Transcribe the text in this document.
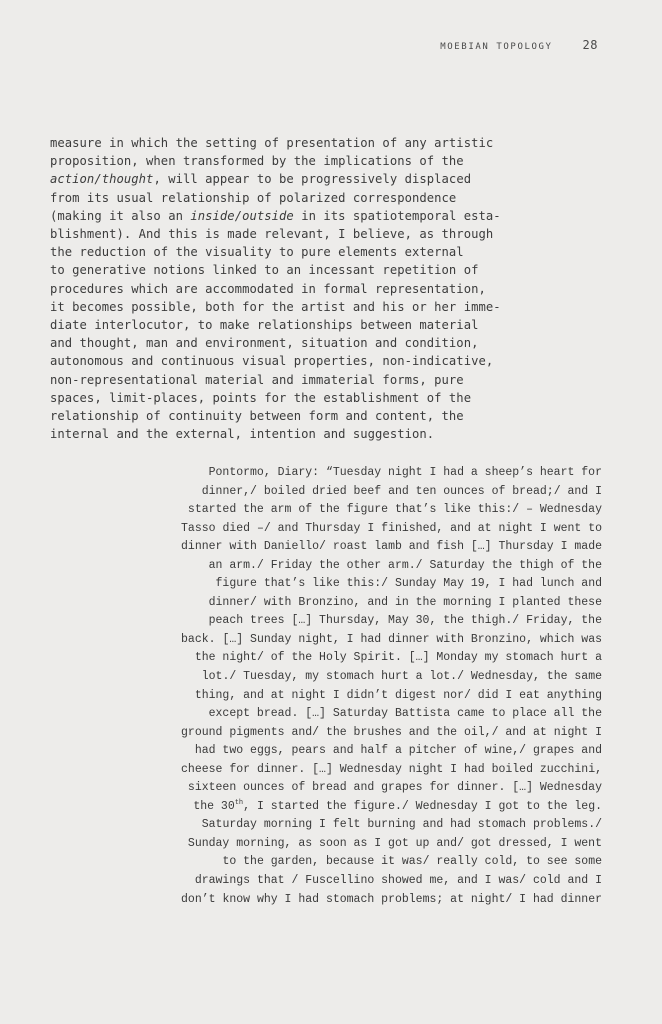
MOEBIAN TOPOLOGY	28
measure in which the setting of presentation of any artistic
proposition, when transformed by the implications of the
action/thought, will appear to be progressively displaced
from its usual relationship of polarized correspondence
(making it also an inside/outside in its spatiotemporal esta-
blishment). And this is made relevant, I believe, as through
the reduction of the visuality to pure elements external
to generative notions linked to an incessant repetition of
procedures which are accommodated in formal representation,
it becomes possible, both for the artist and his or her imme-
diate interlocutor, to make relationships between material
and thought, man and environment, situation and condition,
autonomous and continuous visual properties, non-indicative,
non-representational material and immaterial forms, pure
spaces, limit-places, points for the establishment of the
relationship of continuity between form and content, the
internal and the external, intention and suggestion.
Pontormo, Diary: “Tuesday night I had a sheep’s heart for
dinner,/ boiled dried beef and ten ounces of bread;/ and I
started the arm of the figure that’s like this:/ – Wednesday
Tasso died –/ and Thursday I finished, and at night I went to
dinner with Daniello/ roast lamb and fish […] Thursday I made
an arm./ Friday the other arm./ Saturday the thigh of the
figure that’s like this:/ Sunday May 19, I had lunch and
dinner/ with Bronzino, and in the morning I planted these
peach trees […] Thursday, May 30, the thigh./ Friday, the
back. […] Sunday night, I had dinner with Bronzino, which was
the night/ of the Holy Spirit. […] Monday my stomach hurt a
lot./ Tuesday, my stomach hurt a lot./ Wednesday, the same
thing, and at night I didn’t digest nor/ did I eat anything
except bread. […] Saturday Battista came to place all the
ground pigments and/ the brushes and the oil,/ and at night I
had two eggs, pears and half a pitcher of wine,/ grapes and
cheese for dinner. […] Wednesday night I had boiled zucchini,
sixteen ounces of bread and grapes for dinner. […] Wednesday
the 30th, I started the figure./ Wednesday I got to the leg.
Saturday morning I felt burning and had stomach problems./
Sunday morning, as soon as I got up and/ got dressed, I went
to the garden, because it was/ really cold, to see some
drawings that / Fuscellino showed me, and I was/ cold and I
don’t know why I had stomach problems; at night/ I had dinner
